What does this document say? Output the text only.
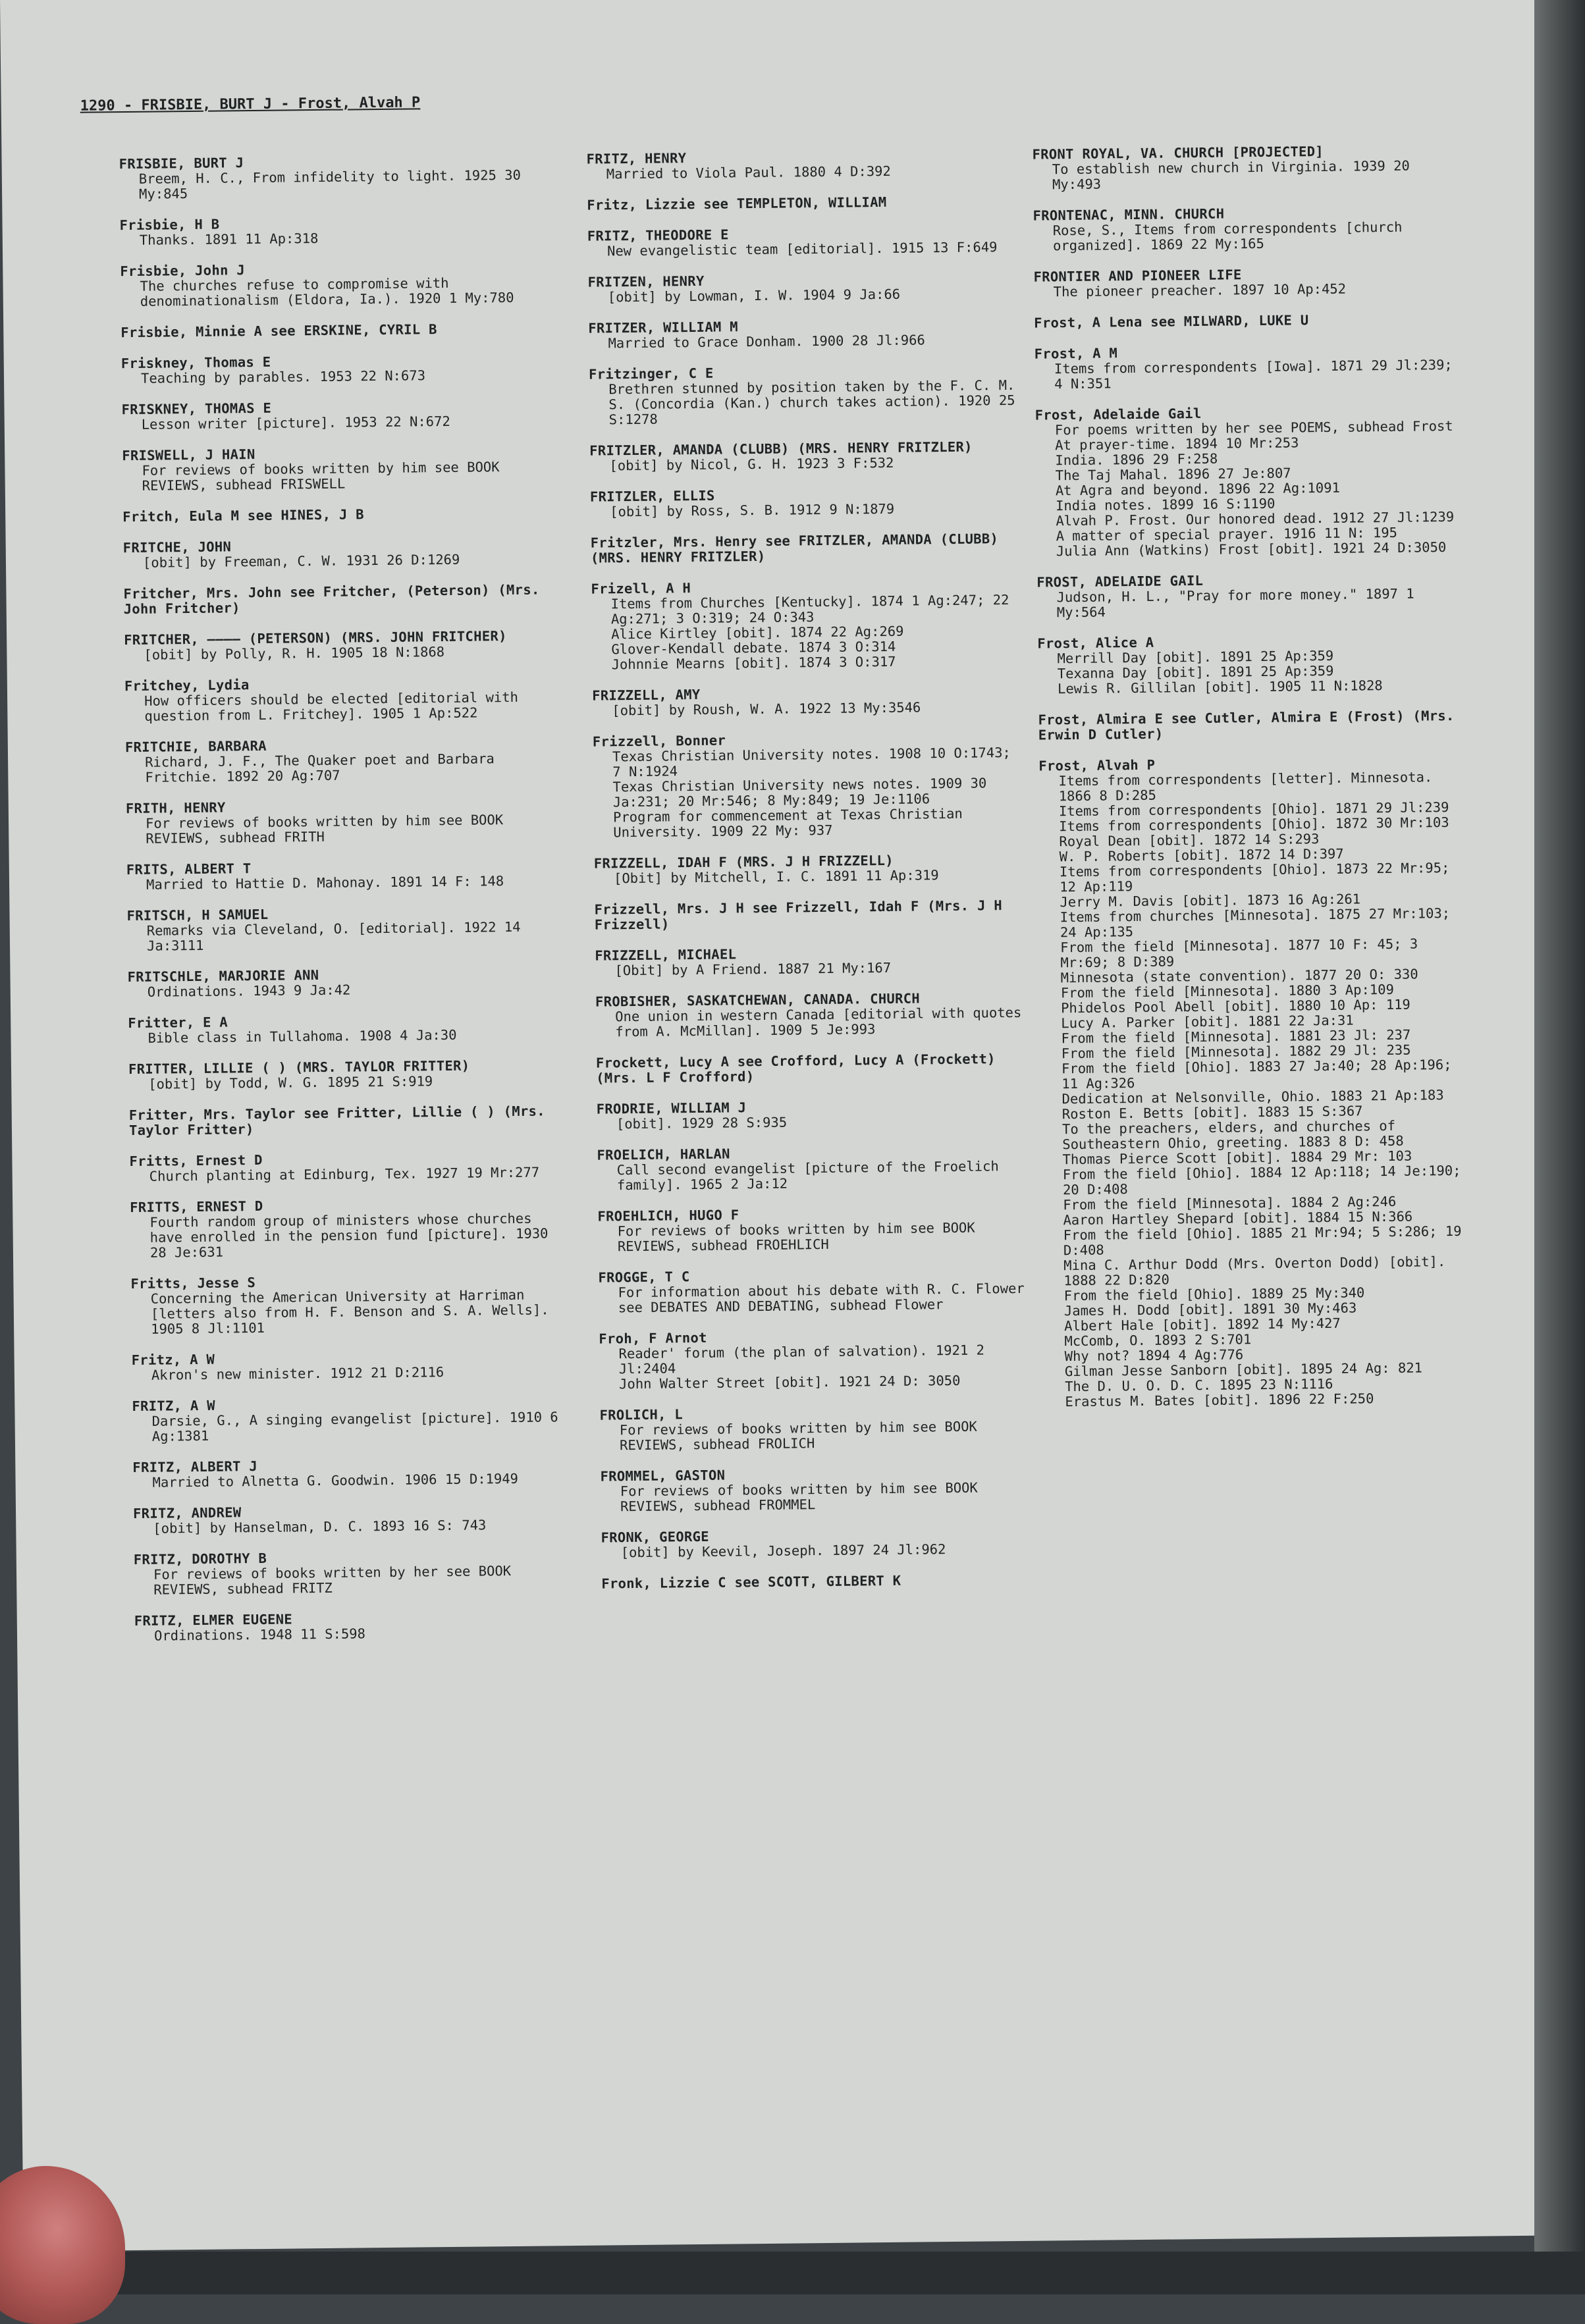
1290 - FRISBIE, BURT J - Frost, Alvah P
FRISBIE, BURT J
Breem, H. C., From infidelity to light. 1925 30 My:845
Frisbie, H B
Thanks. 1891 11 Ap:318
Frisbie, John J
The churches refuse to compromise with denominationalism (Eldora, Ia.). 1920 1 My:780
Frisbie, Minnie A see ERSKINE, CYRIL B
Friskney, Thomas E
Teaching by parables. 1953 22 N:673
FRISKNEY, THOMAS E
Lesson writer [picture]. 1953 22 N:672
FRISWELL, J HAIN
For reviews of books written by him see BOOK REVIEWS, subhead FRISWELL
Fritch, Eula M see HINES, J B
FRITCHE, JOHN
[obit] by Freeman, C. W. 1931 26 D:1269
Fritcher, Mrs. John see Fritcher, (Peterson) (Mrs. John Fritcher)
FRITCHER, ———— (PETERSON) (MRS. JOHN FRITCHER)
[obit] by Polly, R. H. 1905 18 N:1868
Fritchey, Lydia
How officers should be elected [editorial with question from L. Fritchey]. 1905 1 Ap:522
FRITCHIE, BARBARA
Richard, J. F., The Quaker poet and Barbara Fritchie. 1892 20 Ag:707
FRITH, HENRY
For reviews of books written by him see BOOK REVIEWS, subhead FRITH
FRITS, ALBERT T
Married to Hattie D. Mahonay. 1891 14 F: 148
FRITSCH, H SAMUEL
Remarks via Cleveland, O. [editorial]. 1922 14 Ja:3111
FRITSCHLE, MARJORIE ANN
Ordinations. 1943 9 Ja:42
Fritter, E A
Bible class in Tullahoma. 1908 4 Ja:30
FRITTER, LILLIE ( ) (MRS. TAYLOR FRITTER)
[obit] by Todd, W. G. 1895 21 S:919
Fritter, Mrs. Taylor see Fritter, Lillie ( ) (Mrs. Taylor Fritter)
Fritts, Ernest D
Church planting at Edinburg, Tex. 1927 19 Mr:277
FRITTS, ERNEST D
Fourth random group of ministers whose churches have enrolled in the pension fund [picture]. 1930 28 Je:631
Fritts, Jesse S
Concerning the American University at Harriman [letters also from H. F. Benson and S. A. Wells]. 1905 8 Jl:1101
Fritz, A W
Akron's new minister. 1912 21 D:2116
FRITZ, A W
Darsie, G., A singing evangelist [picture]. 1910 6 Ag:1381
FRITZ, ALBERT J
Married to Alnetta G. Goodwin. 1906 15 D:1949
FRITZ, ANDREW
[obit] by Hanselman, D. C. 1893 16 S: 743
FRITZ, DOROTHY B
For reviews of books written by her see BOOK REVIEWS, subhead FRITZ
FRITZ, ELMER EUGENE
Ordinations. 1948 11 S:598
FRITZ, HENRY
Married to Viola Paul. 1880 4 D:392
Fritz, Lizzie see TEMPLETON, WILLIAM
FRITZ, THEODORE E
New evangelistic team [editorial]. 1915 13 F:649
FRITZEN, HENRY
[obit] by Lowman, I. W. 1904 9 Ja:66
FRITZER, WILLIAM M
Married to Grace Donham. 1900 28 Jl:966
Fritzinger, C E
Brethren stunned by position taken by the F. C. M. S. (Concordia (Kan.) church takes action). 1920 25 S:1278
FRITZLER, AMANDA (CLUBB) (MRS. HENRY FRITZLER)
[obit] by Nicol, G. H. 1923 3 F:532
FRITZLER, ELLIS
[obit] by Ross, S. B. 1912 9 N:1879
Fritzler, Mrs. Henry see FRITZLER, AMANDA (CLUBB) (MRS. HENRY FRITZLER)
Frizell, A H
Items from Churches [Kentucky]. 1874 1 Ag:247; 22 Ag:271; 3 O:319; 24 O:343
Alice Kirtley [obit]. 1874 22 Ag:269
Glover-Kendall debate. 1874 3 O:314
Johnnie Mearns [obit]. 1874 3 O:317
FRIZZELL, AMY
[obit] by Roush, W. A. 1922 13 My:3546
Frizzell, Bonner
Texas Christian University notes. 1908 10 O:1743; 7 N:1924
Texas Christian University news notes. 1909 30 Ja:231; 20 Mr:546; 8 My:849; 19 Je:1106
Program for commencement at Texas Christian University. 1909 22 My: 937
FRIZZELL, IDAH F (MRS. J H FRIZZELL)
[Obit] by Mitchell, I. C. 1891 11 Ap:319
Frizzell, Mrs. J H see Frizzell, Idah F (Mrs. J H Frizzell)
FRIZZELL, MICHAEL
[Obit] by A Friend. 1887 21 My:167
FROBISHER, SASKATCHEWAN, CANADA. CHURCH
One union in western Canada [editorial with quotes from A. McMillan]. 1909 5 Je:993
Frockett, Lucy A see Crofford, Lucy A (Frockett) (Mrs. L F Crofford)
FRODRIE, WILLIAM J
[obit]. 1929 28 S:935
FROELICH, HARLAN
Call second evangelist [picture of the Froelich family]. 1965 2 Ja:12
FROEHLICH, HUGO F
For reviews of books written by him see BOOK REVIEWS, subhead FROEHLICH
FROGGE, T C
For information about his debate with R. C. Flower see DEBATES AND DEBATING, subhead Flower
Froh, F Arnot
Reader' forum (the plan of salvation). 1921 2 Jl:2404
John Walter Street [obit]. 1921 24 D: 3050
FROLICH, L
For reviews of books written by him see BOOK REVIEWS, subhead FROLICH
FROMMEL, GASTON
For reviews of books written by him see BOOK REVIEWS, subhead FROMMEL
FRONK, GEORGE
[obit] by Keevil, Joseph. 1897 24 Jl:962
Fronk, Lizzie C see SCOTT, GILBERT K
FRONT ROYAL, VA. CHURCH [PROJECTED]
To establish new church in Virginia. 1939 20 My:493
FRONTENAC, MINN. CHURCH
Rose, S., Items from correspondents [church organized]. 1869 22 My:165
FRONTIER AND PIONEER LIFE
The pioneer preacher. 1897 10 Ap:452
Frost, A Lena see MILWARD, LUKE U
Frost, A M
Items from correspondents [Iowa]. 1871 29 Jl:239; 4 N:351
Frost, Adelaide Gail
For poems written by her see POEMS, subhead Frost
At prayer-time. 1894 10 Mr:253
India. 1896 29 F:258
The Taj Mahal. 1896 27 Je:807
At Agra and beyond. 1896 22 Ag:1091
India notes. 1899 16 S:1190
Alvah P. Frost. Our honored dead. 1912 27 Jl:1239
A matter of special prayer. 1916 11 N: 195
Julia Ann (Watkins) Frost [obit]. 1921 24 D:3050
FROST, ADELAIDE GAIL
Judson, H. L., "Pray for more money." 1897 1 My:564
Frost, Alice A
Merrill Day [obit]. 1891 25 Ap:359
Texanna Day [obit]. 1891 25 Ap:359
Lewis R. Gillilan [obit]. 1905 11 N:1828
Frost, Almira E see Cutler, Almira E (Frost) (Mrs. Erwin D Cutler)
Frost, Alvah P
Items from correspondents [letter]. Minnesota. 1866 8 D:285
Items from correspondents [Ohio]. 1871 29 Jl:239
Items from correspondents [Ohio]. 1872 30 Mr:103
Royal Dean [obit]. 1872 14 S:293
W. P. Roberts [obit]. 1872 14 D:397
Items from correspondents [Ohio]. 1873 22 Mr:95; 12 Ap:119
Jerry M. Davis [obit]. 1873 16 Ag:261
Items from churches [Minnesota]. 1875 27 Mr:103; 24 Ap:135
From the field [Minnesota]. 1877 10 F: 45; 3 Mr:69; 8 D:389
Minnesota (state convention). 1877 20 O: 330
From the field [Minnesota]. 1880 3 Ap:109
Phidelos Pool Abell [obit]. 1880 10 Ap: 119
Lucy A. Parker [obit]. 1881 22 Ja:31
From the field [Minnesota]. 1881 23 Jl: 237
From the field [Minnesota]. 1882 29 Jl: 235
From the field [Ohio]. 1883 27 Ja:40; 28 Ap:196; 11 Ag:326
Dedication at Nelsonville, Ohio. 1883 21 Ap:183
Roston E. Betts [obit]. 1883 15 S:367
To the preachers, elders, and churches of Southeastern Ohio, greeting. 1883 8 D: 458
Thomas Pierce Scott [obit]. 1884 29 Mr: 103
From the field [Ohio]. 1884 12 Ap:118; 14 Je:190; 20 D:408
From the field [Minnesota]. 1884 2 Ag:246
Aaron Hartley Shepard [obit]. 1884 15 N:366
From the field [Ohio]. 1885 21 Mr:94; 5 S:286; 19 D:408
Mina C. Arthur Dodd (Mrs. Overton Dodd) [obit]. 1888 22 D:820
From the field [Ohio]. 1889 25 My:340
James H. Dodd [obit]. 1891 30 My:463
Albert Hale [obit]. 1892 14 My:427
McComb, O. 1893 2 S:701
Why not? 1894 4 Ag:776
Gilman Jesse Sanborn [obit]. 1895 24 Ag: 821
The D. U. O. D. C. 1895 23 N:1116
Erastus M. Bates [obit]. 1896 22 F:250
